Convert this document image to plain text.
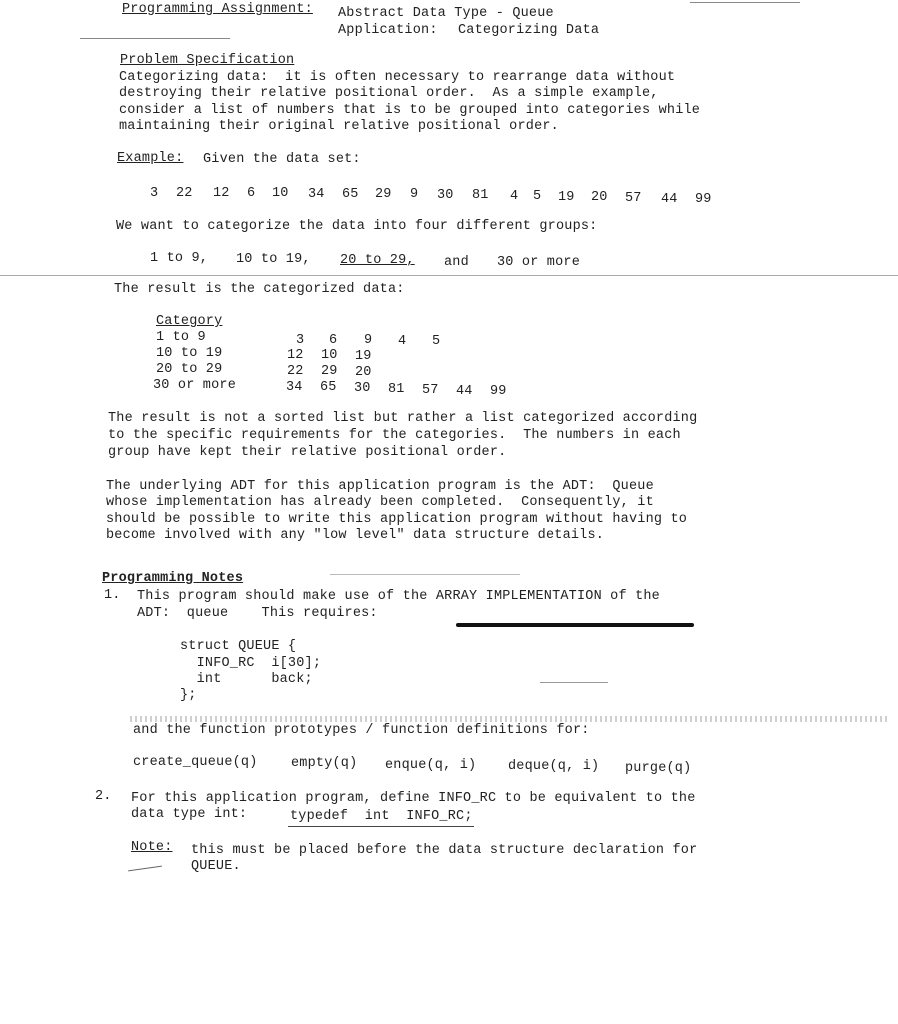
Programming Assignment: Abstract Data Type - Queue
Application: Categorizing Data
Problem Specification
Categorizing data:  it is often necessary to rearrange data without
destroying their relative positional order.  As a simple example,
consider a list of numbers that is to be grouped into categories while
maintaining their original relative positional order.
Example: Given the data set:
3 22 12 6 10 34 65 29 9 30 81 4 5 19 20 57 44 99
We want to categorize the data into four different groups:
1 to 9, 10 to 19, 20 to 29, and 30 or more
The result is the categorized data:
Category
1 to 9
10 to 19
20 to 29
30 or more
3 6 9 4 5
12 10 19
22 29 20
34 65 30 81 57 44 99
The result is not a sorted list but rather a list categorized according
to the specific requirements for the categories.  The numbers in each
group have kept their relative positional order.
The underlying ADT for this application program is the ADT:  Queue
whose implementation has already been completed.  Consequently, it
should be possible to write this application program without having to
become involved with any "low level" data structure details.
Programming Notes
1. This program should make use of the ARRAY IMPLEMENTATION of the
ADT:  queue    This requires:
struct QUEUE {
INFO_RC  i[30];
int      back;
};
and the function prototypes / function definitions for:
create_queue(q) empty(q) enque(q, i) deque(q, i) purge(q)
2. For this application program, define INFO_RC to be equivalent to the
data type int:	typedef  int  INFO_RC;
Note: this must be placed before the data structure declaration for
QUEUE.
